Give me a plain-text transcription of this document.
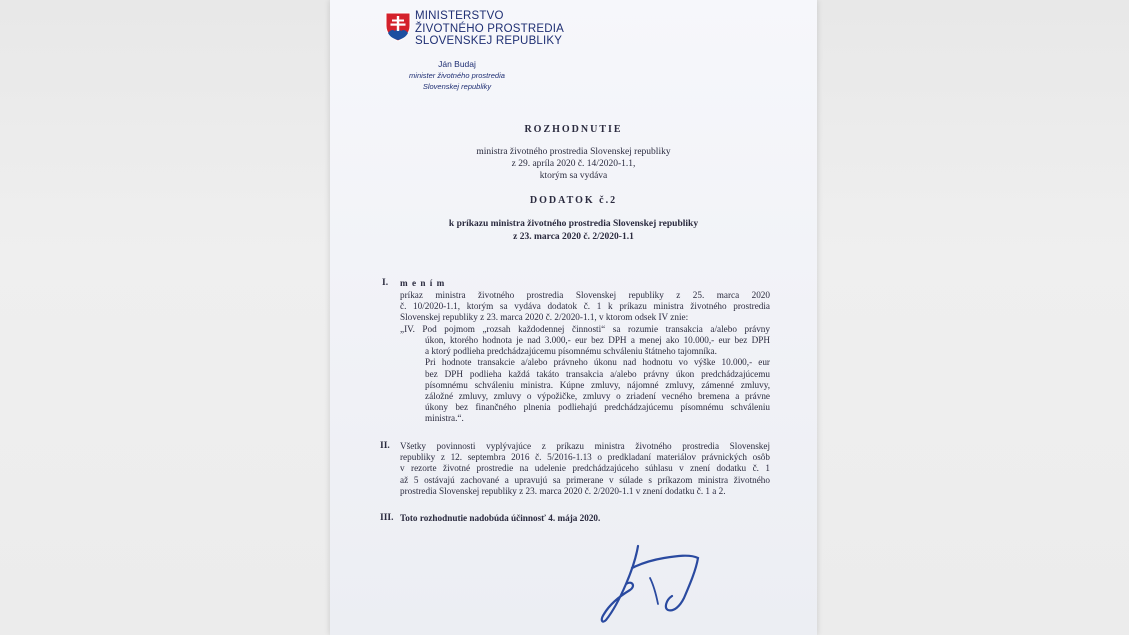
MINISTERSTVO
ŽIVOTNÉHO PROSTREDIA
SLOVENSKEJ REPUBLIKY
Ján Budaj
minister životného prostredia
Slovenskej republiky
ROZHODNUTIE
ministra životného prostredia Slovenskej republiky
z 29. apríla 2020 č. 14/2020-1.1,
ktorým sa vydáva
DODATOK č.2
k príkazu ministra životného prostredia Slovenskej republiky
z 23. marca 2020 č. 2/2020-1.1
I. m e n í m
príkaz ministra životného prostredia Slovenskej republiky z 25. marca 2020
č. 10/2020-1.1, ktorým sa vydáva dodatok č. 1 k príkazu ministra životného prostredia
Slovenskej republiky z 23. marca 2020 č. 2/2020-1.1, v ktorom odsek IV znie:
„IV. Pod pojmom „rozsah každodennej činnosti“ sa rozumie transakcia a/alebo právny
úkon, ktorého hodnota je nad 3.000,- eur bez DPH a menej ako 10.000,- eur bez DPH
a ktorý podlieha predchádzajúcemu písomnému schváleniu štátneho tajomníka.
Pri hodnote transakcie a/alebo právneho úkonu nad hodnotu vo výške 10.000,- eur
bez DPH podlieha každá takáto transakcia a/alebo právny úkon predchádzajúcemu
písomnému schváleniu ministra. Kúpne zmluvy, nájomné zmluvy, zámenné zmluvy,
záložné zmluvy, zmluvy o výpožičke, zmluvy o zriadení vecného bremena a právne
úkony bez finančného plnenia podliehajú predchádzajúcemu písomnému schváleniu
ministra.“.
II. Všetky povinnosti vyplývajúce z príkazu ministra životného prostredia Slovenskej
republiky z 12. septembra 2016 č. 5/2016-1.13 o predkladaní materiálov právnických osôb
v rezorte životné prostredie na udelenie predchádzajúceho súhlasu v znení dodatku č. 1
až 5 ostávajú zachované a upravujú sa primerane v súlade s príkazom ministra životného
prostredia Slovenskej republiky z 23. marca 2020 č. 2/2020-1.1 v znení dodatku č. 1 a 2.
III. Toto rozhodnutie nadobúda účinnosť 4. mája 2020.
